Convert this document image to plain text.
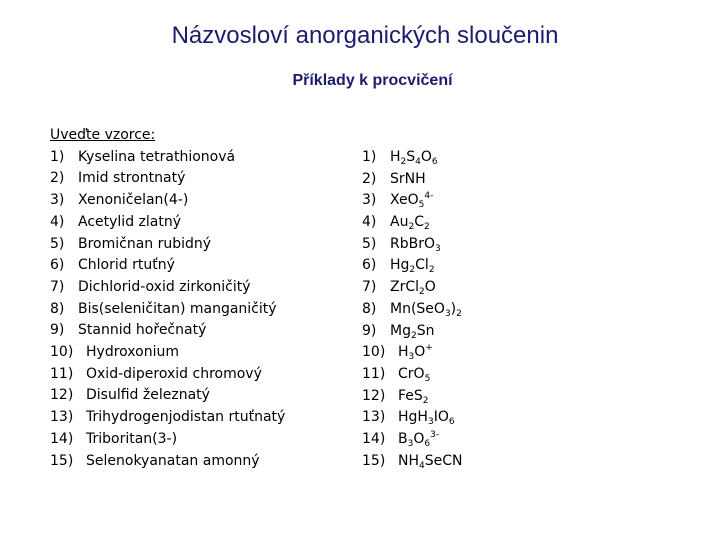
Názvosloví anorganických sloučenin
Příklady k procvičení
Uveďte vzorce:
1) Kyselina tetrathionová
2) Imid strontnatý
3) Xenoničelan(4-)
4) Acetylid zlatný
5) Bromičnan rubidný
6) Chlorid rtuťný
7) Dichlorid-oxid zirkoničitý
8) Bis(seleničitan) manganičitý
9) Stannid hořečnatý
10) Hydroxonium
11) Oxid-diperoxid chromový
12) Disulfid železnatý
13) Trihydrogenjodistan rtuťnatý
14) Triboritan(3-)
15) Selenokyanatan amonný
1) $H_2S_4O_6$
2) SrNH
3) XeO$_5^{4-}$
4) $Au_2C_2$
5) RbBrO$_3$
6) $Hg_2Cl_2$
7) ZrCl$_2$O
8) $Mn(SeO_3)_2$
9) $Mg_2Sn$
10) $H_3O^+$
11) CrO$_5$
12) FeS$_2$
13) $HgH_3IO_6$
14) $B_3O_6^{3-}$
15) $NH_4SeCN$
